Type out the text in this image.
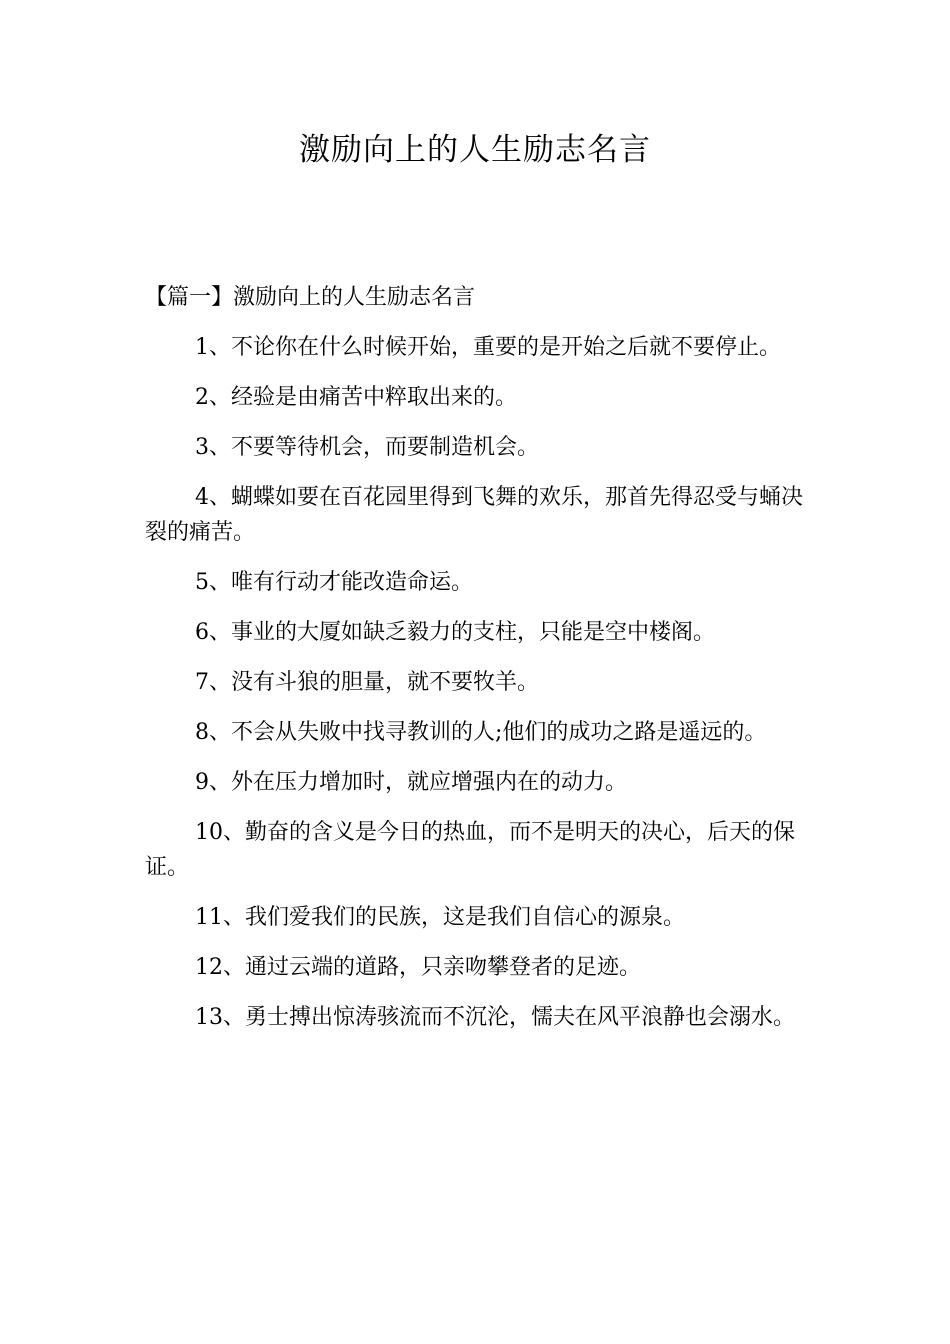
激励向上的人生励志名言

【篇一】激励向上的人生励志名言

1、不论你在什么时候开始，重要的是开始之后就不要停止。

2、经验是由痛苦中粹取出来的。

3、不要等待机会，而要制造机会。

4、蝴蝶如要在百花园里得到飞舞的欢乐，那首先得忍受与蛹决裂的痛苦。

5、唯有行动才能改造命运。

6、事业的大厦如缺乏毅力的支柱，只能是空中楼阁。

7、没有斗狼的胆量，就不要牧羊。

8、不会从失败中找寻教训的人;他们的成功之路是遥远的。

9、外在压力增加时，就应增强内在的动力。

10、勤奋的含义是今日的热血，而不是明天的决心，后天的保证。

11、我们爱我们的民族，这是我们自信心的源泉。

12、通过云端的道路，只亲吻攀登者的足迹。

13、勇士搏出惊涛骇流而不沉沦，懦夫在风平浪静也会溺水。
